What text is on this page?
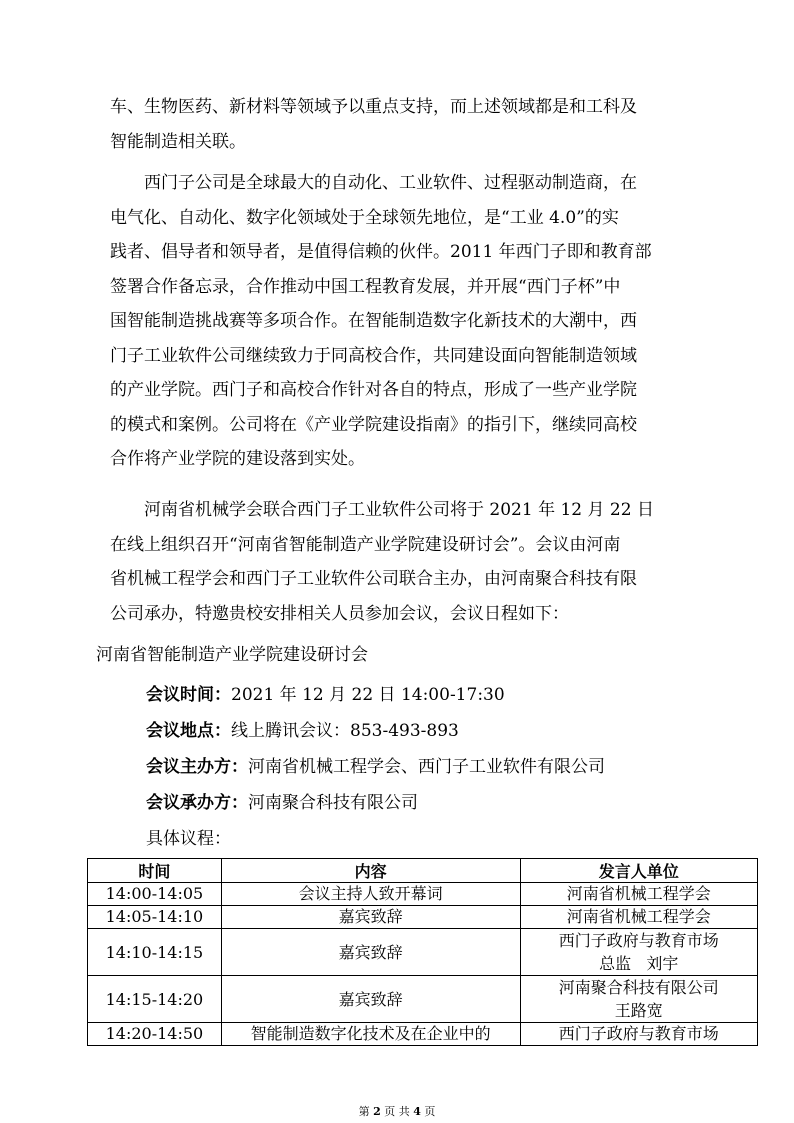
车、生物医药、新材料等领域予以重点支持，而上述领域都是和工科及
智能制造相关联。
西门子公司是全球最大的自动化、工业软件、过程驱动制造商，在
电气化、自动化、数字化领域处于全球领先地位，是“工业 4.0”的实
践者、倡导者和领导者，是值得信赖的伙伴。2011 年西门子即和教育部
签署合作备忘录，合作推动中国工程教育发展，并开展“西门子杯”中
国智能制造挑战赛等多项合作。在智能制造数字化新技术的大潮中，西
门子工业软件公司继续致力于同高校合作，共同建设面向智能制造领域
的产业学院。西门子和高校合作针对各自的特点，形成了一些产业学院
的模式和案例。公司将在《产业学院建设指南》的指引下，继续同高校
合作将产业学院的建设落到实处。
河南省机械学会联合西门子工业软件公司将于 2021 年 12 月 22 日
在线上组织召开“河南省智能制造产业学院建设研讨会”。会议由河南
省机械工程学会和西门子工业软件公司联合主办，由河南聚合科技有限
公司承办，特邀贵校安排相关人员参加会议，会议日程如下：
河南省智能制造产业学院建设研讨会
会议时间：2021 年 12 月 22 日 14:00-17:30
会议地点：线上腾讯会议：853-493-893
会议主办方：河南省机械工程学会、西门子工业软件有限公司
会议承办方：河南聚合科技有限公司
具体议程：
时间	内容	发言人单位
14:00-14:05	会议主持人致开幕词	河南省机械工程学会
14:05-14:10	嘉宾致辞	河南省机械工程学会
14:10-14:15	嘉宾致辞	西门子政府与教育市场
总监   刘宇

14:15-14:20	嘉宾致辞	河南聚合科技有限公司
王路宽

14:20-14:50	智能制造数字化技术及在企业中的	西门子政府与教育市场
第 2 页 共 4 页
